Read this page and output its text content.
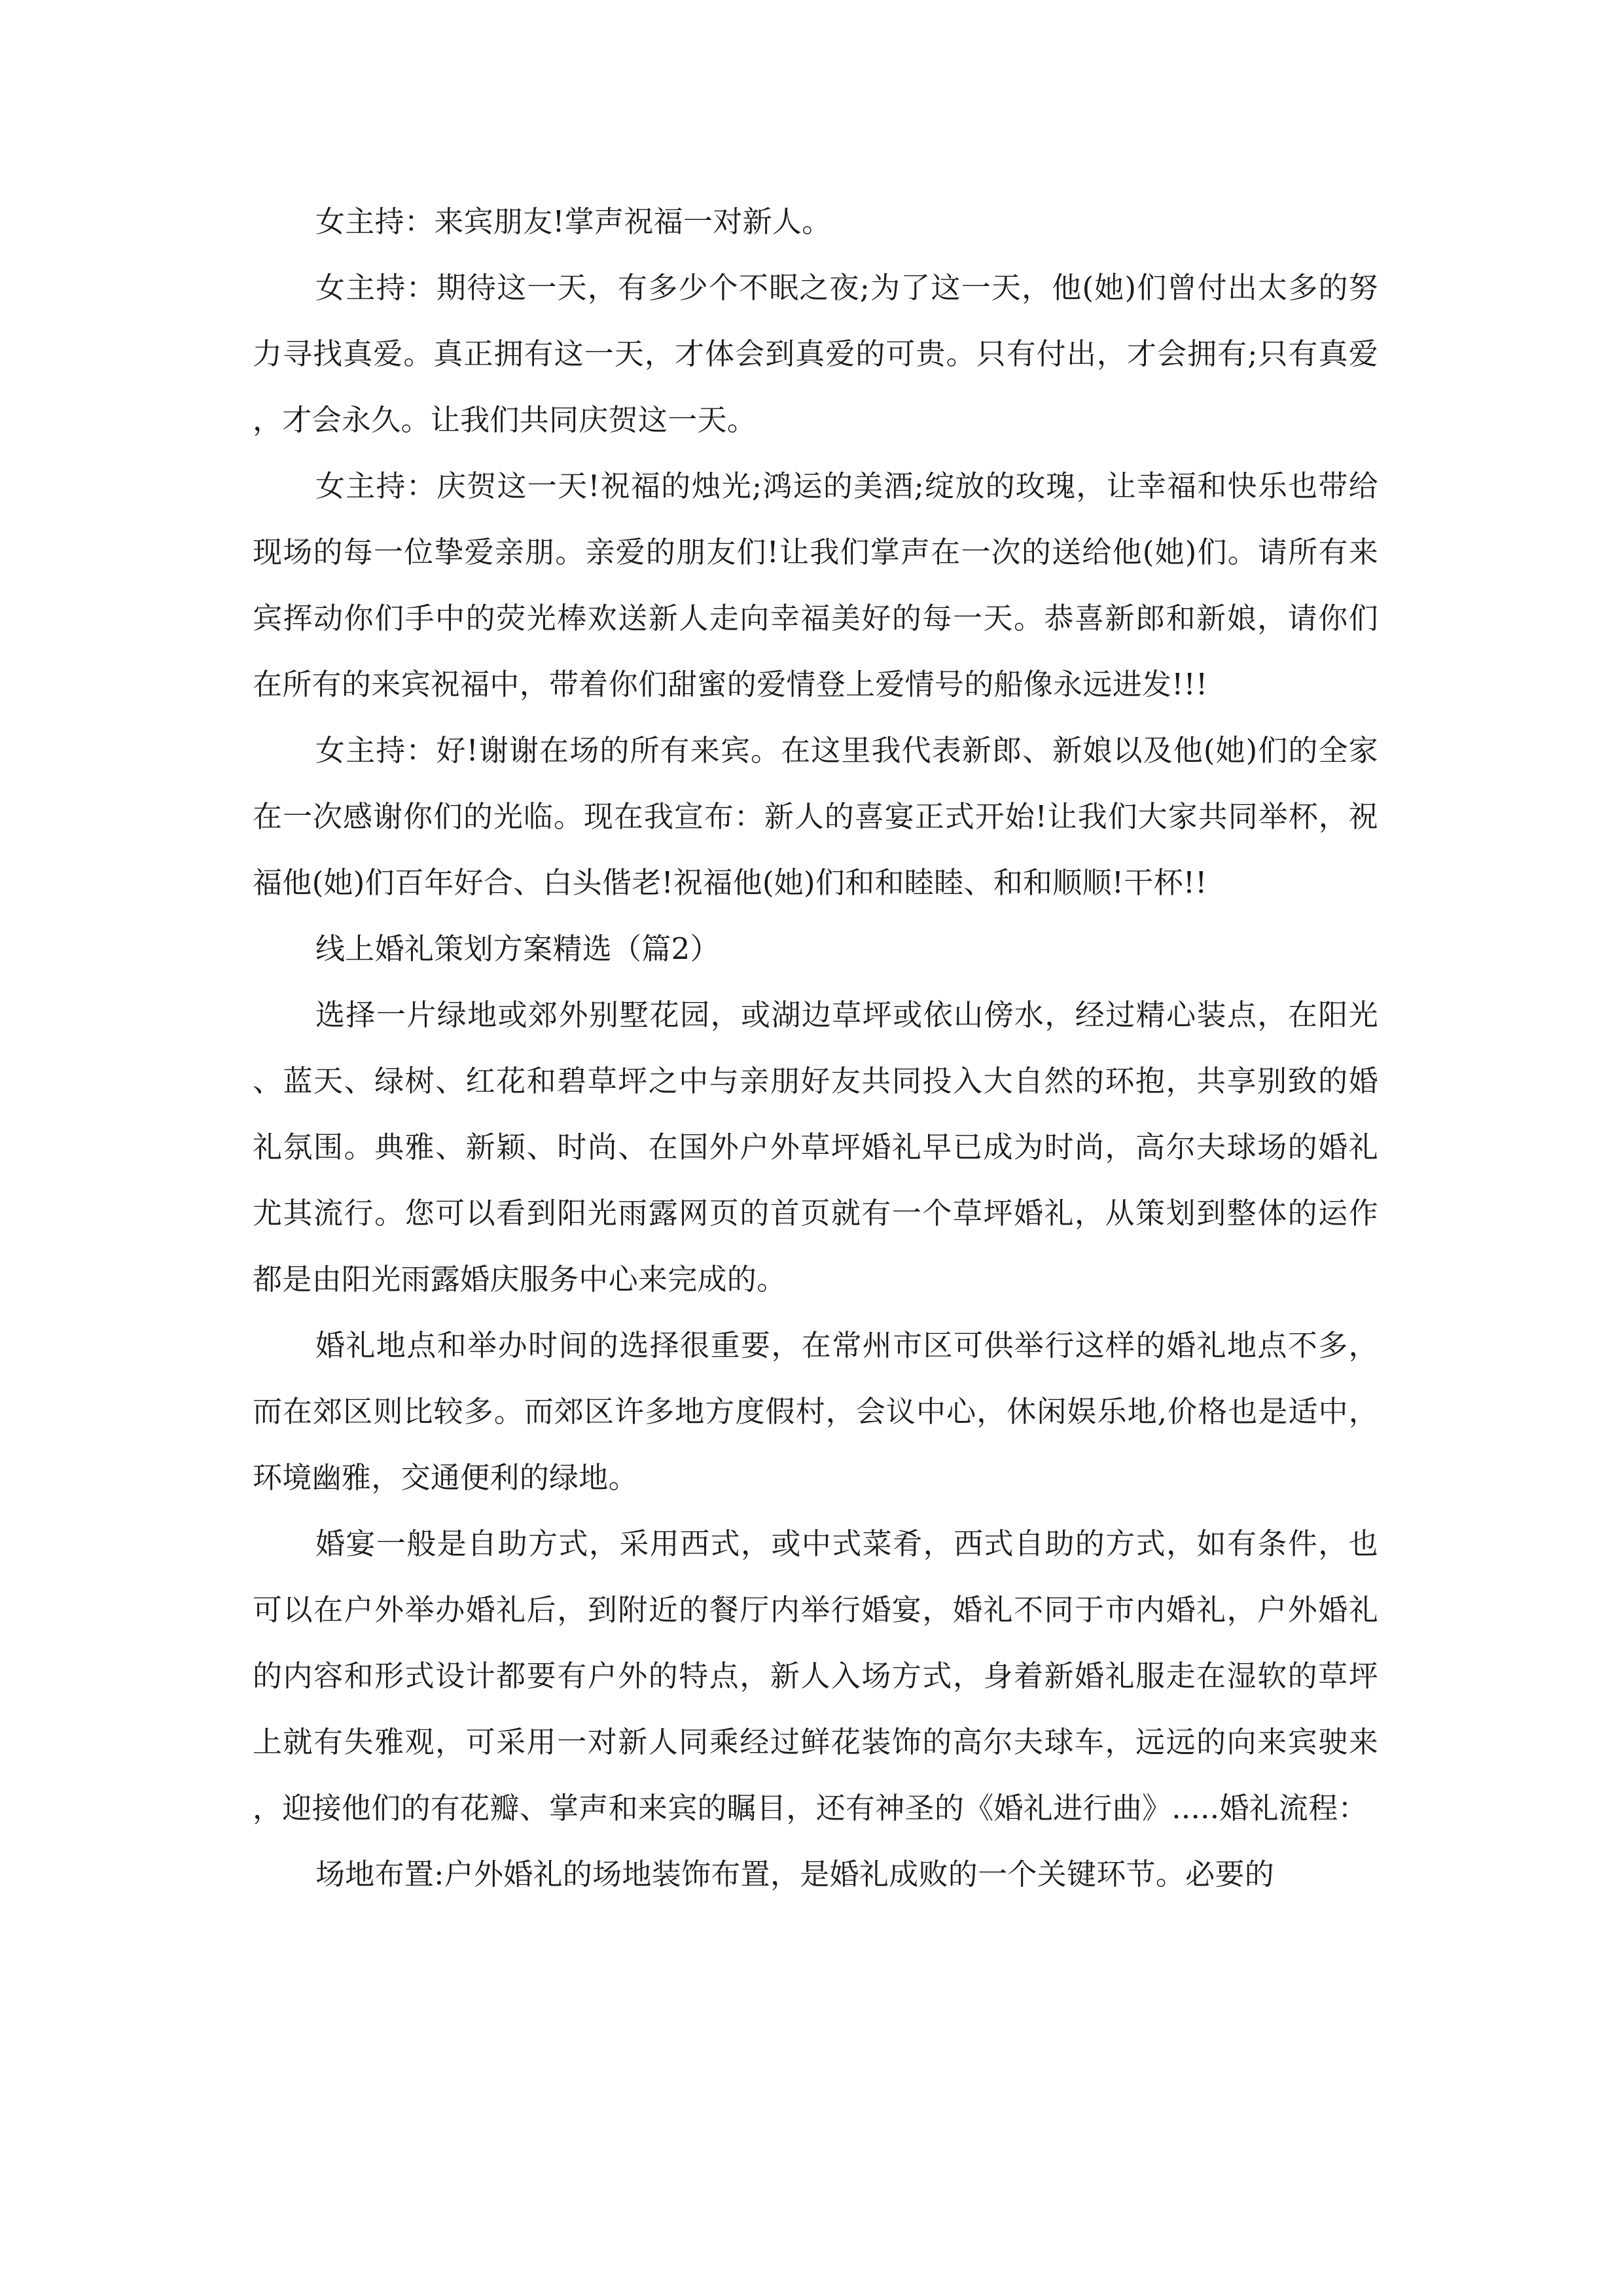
女主持：来宾朋友!掌声祝福一对新人。

女主持：期待这一天，有多少个不眠之夜;为了这一天，他(她)们曾付出太多的努力寻找真爱。真正拥有这一天，才体会到真爱的可贵。只有付出，才会拥有;只有真爱，才会永久。让我们共同庆贺这一天。

女主持：庆贺这一天!祝福的烛光;鸿运的美酒;绽放的玫瑰，让幸福和快乐也带给现场的每一位挚爱亲朋。亲爱的朋友们!让我们掌声在一次的送给他(她)们。请所有来宾挥动你们手中的荧光棒欢送新人走向幸福美好的每一天。恭喜新郎和新娘，请你们在所有的来宾祝福中，带着你们甜蜜的爱情登上爱情号的船像永远进发!!!

女主持：好!谢谢在场的所有来宾。在这里我代表新郎、新娘以及他(她)们的全家在一次感谢你们的光临。现在我宣布：新人的喜宴正式开始!让我们大家共同举杯，祝福他(她)们百年好合、白头偕老!祝福他(她)们和和睦睦、和和顺顺!干杯!!

线上婚礼策划方案精选（篇2）

选择一片绿地或郊外别墅花园，或湖边草坪或依山傍水，经过精心装点，在阳光、蓝天、绿树、红花和碧草坪之中与亲朋好友共同投入大自然的环抱，共享别致的婚礼氛围。典雅、新颖、时尚、在国外户外草坪婚礼早已成为时尚，高尔夫球场的婚礼尤其流行。您可以看到阳光雨露网页的首页就有一个草坪婚礼，从策划到整体的运作都是由阳光雨露婚庆服务中心来完成的。

婚礼地点和举办时间的选择很重要，在常州市区可供举行这样的婚礼地点不多，而在郊区则比较多。而郊区许多地方度假村，会议中心，休闲娱乐地,价格也是适中，环境幽雅，交通便利的绿地。

婚宴一般是自助方式，采用西式，或中式菜肴，西式自助的方式，如有条件，也可以在户外举办婚礼后，到附近的餐厅内举行婚宴，婚礼不同于市内婚礼，户外婚礼的内容和形式设计都要有户外的特点，新人入场方式，身着新婚礼服走在湿软的草坪上就有失雅观，可采用一对新人同乘经过鲜花装饰的高尔夫球车，远远的向来宾驶来，迎接他们的有花瓣、掌声和来宾的瞩目，还有神圣的《婚礼进行曲》.....婚礼流程：

场地布置:户外婚礼的场地装饰布置，是婚礼成败的一个关键环节。必要的
